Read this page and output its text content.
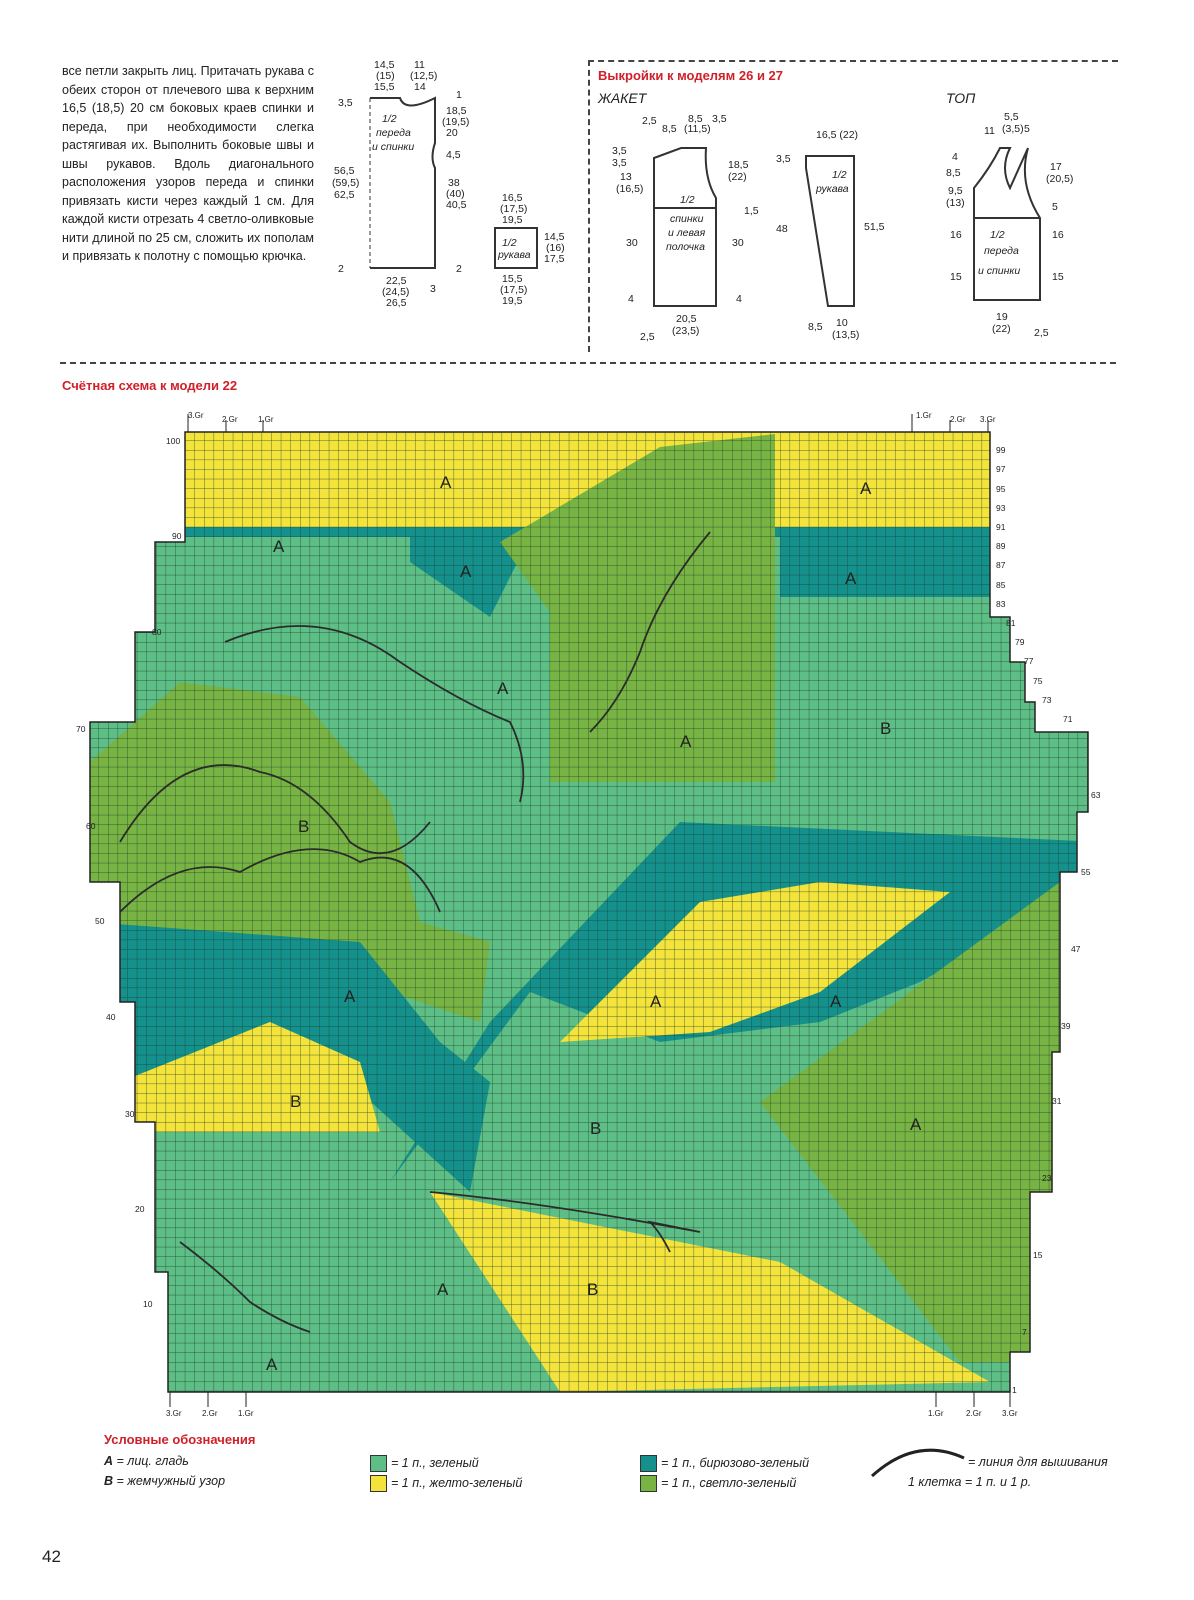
все петли закрыть лиц. Притачать рукава с обеих сторон от плечевого шва к верхним 16,5 (18,5) 20 см боковых краев спинки и переда, при необходимости слегка растягивая их. Выполнить боковые швы и швы рукавов. Вдоль диагонального расположения узоров переда и спинки привязать кисти через каждый 1 см. Для каждой кисти отрезать 4 светло-оливковые нити длиной по 25 см, сложить их пополам и привязать к полотну с помощью крючка.

1/2
переда
и спинки
14,5
(15)
15,5
11
(12,5)
14
3,5
56,5
(59,5)
62,5
2
1
18,5
(19,5)
20
4,5
38
(40)
40,5
2
22,5
(24,5)
26,5
3
1/2
рукава
16,5
(17,5)
19,5
14,5
(16)
17,5
15,5
(17,5)
19,5
Выкройки к моделям 26 и 27
ЖАКЕТ	ТОП
1/2
спинки
и левая
полочка
2,5
8,5
8,5
(11,5)
3,5
3,5
3,5
13
(16,5)
30
4
18,5
(22)
1,5
30
4
20,5
(23,5)
2,5
16,5 (22)
1/2
рукава
3,5
48	51,5
8,5 10
(13,5)
1/2
переда
и спинки
11
5,5
(3,5) 5
4
8,5
9,5
(13)
16
15
17
(20,5)
5
16
15
19
(22) 2,5
Счётная схема к модели 22
A	A
A
A	A
A
A
B
B
A	A	A
B
B	A
A	B
A
100
90
80
70
60
50
40
30
20
10
99
97
95
93
91
89
87
85
83
81
79
77
75
73
71
63
55
47
39
31
23
15
7
1
3.Gr 2.Gr	1.Gr	1.Gr 2.Gr 3.Gr
3.Gr	2.Gr	1.Gr	1.Gr	2.Gr	3.Gr
Условные обозначения
A = лиц. гладь
B = жемчужный узор
= 1 п., зеленый
= 1 п., желто-зеленый
= 1 п., бирюзово-зеленый
= 1 п., светло-зеленый
= линия для вышивания
1 клетка = 1 п. и 1 р.
42
